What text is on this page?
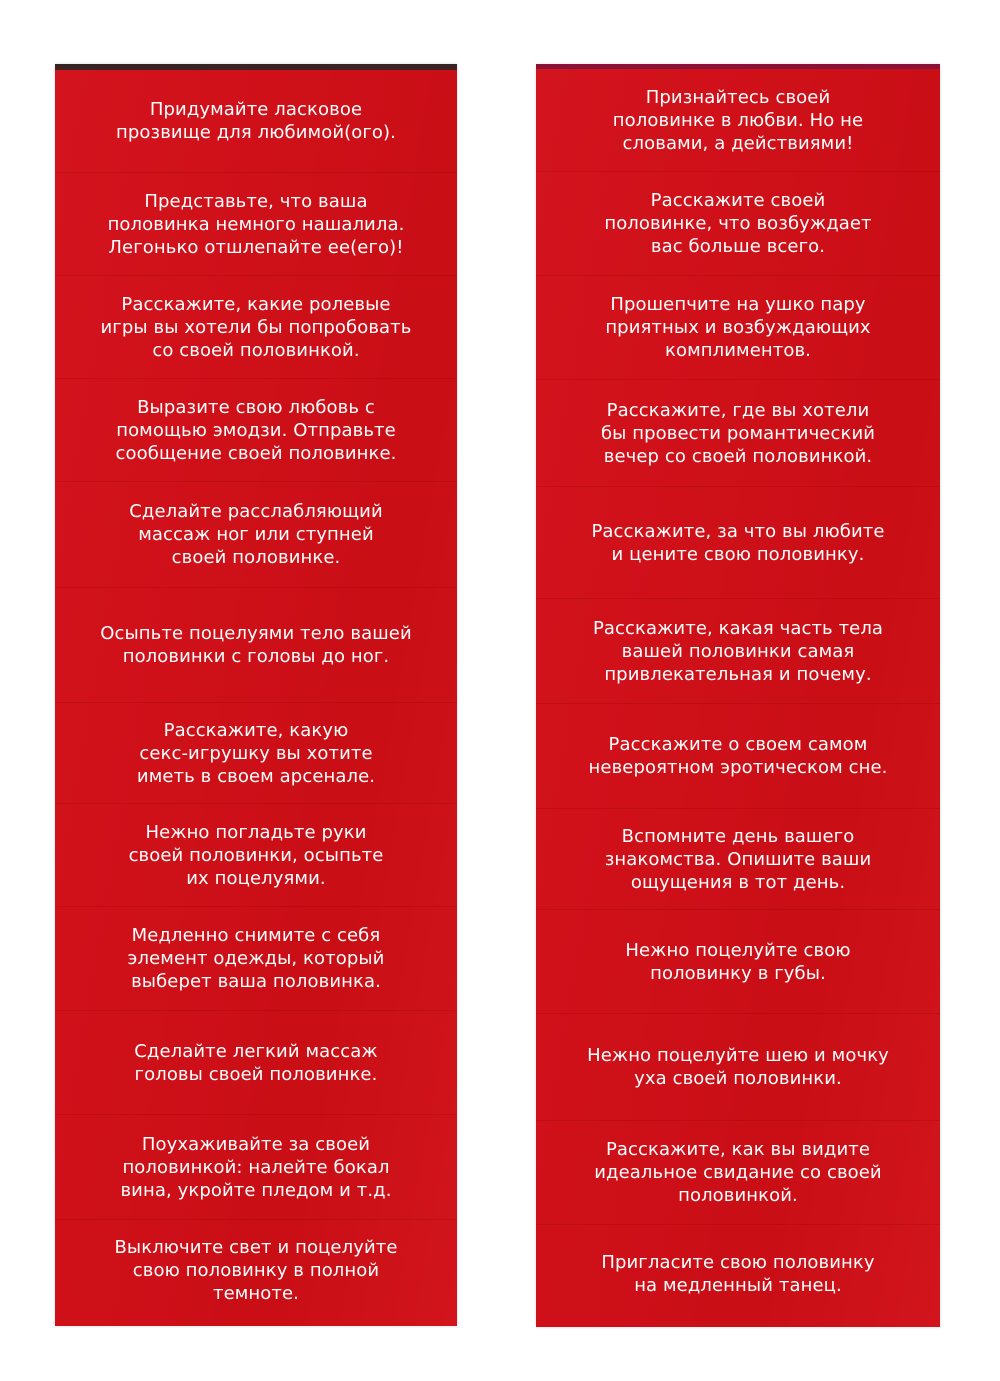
Придумайте ласковое
прозвище для любимой(ого).
Представьте, что ваша
половинка немного нашалила.
Легонько отшлепайте ее(его)!
Расскажите, какие ролевые
игры вы хотели бы попробовать
со своей половинкой.
Выразите свою любовь с
помощью эмодзи. Отправьте
сообщение своей половинке.
Сделайте расслабляющий
массаж ног или ступней
своей половинке.
Осыпьте поцелуями тело вашей
половинки с головы до ног.
Расскажите, какую
секс-игрушку вы хотите
иметь в своем арсенале.
Нежно погладьте руки
своей половинки, осыпьте
их поцелуями.
Медленно снимите с себя
элемент одежды, который
выберет ваша половинка.
Сделайте легкий массаж
головы своей половинке.
Поухаживайте за своей
половинкой: налейте бокал
вина, укройте пледом и т.д.
Выключите свет и поцелуйте
свою половинку в полной
темноте.
Признайтесь своей
половинке в любви. Но не
словами, а действиями!
Расскажите своей
половинке, что возбуждает
вас больше всего.
Прошепчите на ушко пару
приятных и возбуждающих
комплиментов.
Расскажите, где вы хотели
бы провести романтический
вечер со своей половинкой.
Расскажите, за что вы любите
и цените свою половинку.
Расскажите, какая часть тела
вашей половинки самая
привлекательная и почему.
Расскажите о своем самом
невероятном эротическом сне.
Вспомните день вашего
знакомства. Опишите ваши
ощущения в тот день.
Нежно поцелуйте свою
половинку в губы.
Нежно поцелуйте шею и мочку
уха своей половинки.
Расскажите, как вы видите
идеальное свидание со своей
половинкой.
Пригласите свою половинку
на медленный танец.
